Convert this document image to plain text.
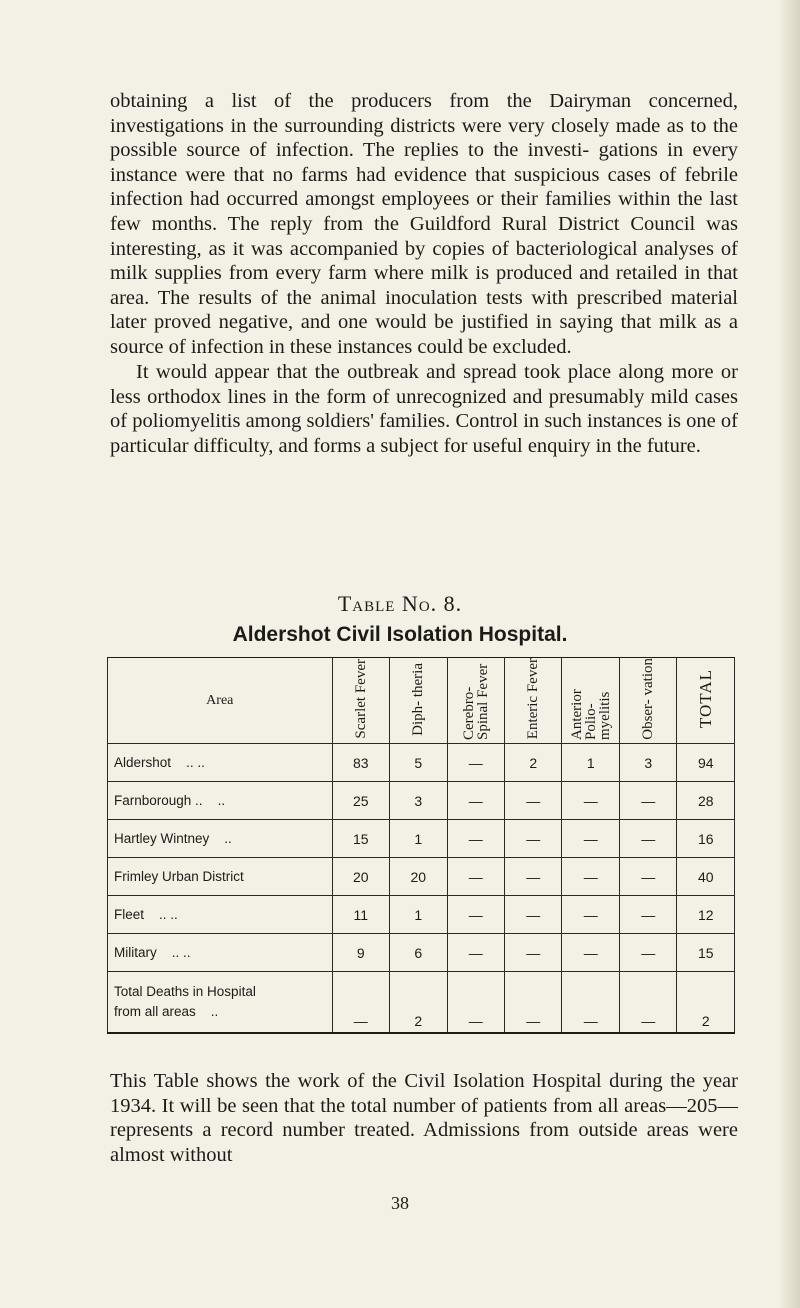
obtaining a list of the producers from the Dairyman concerned, investigations in the surrounding districts were very closely made as to the possible source of infection. The replies to the investi- gations in every instance were that no farms had evidence that suspicious cases of febrile infection had occurred amongst employees or their families within the last few months. The reply from the Guildford Rural District Council was interesting, as it was accompanied by copies of bacteriological analyses of milk supplies from every farm where milk is produced and retailed in that area. The results of the animal inoculation tests with prescribed material later proved negative, and one would be justified in saying that milk as a source of infection in these instances could be excluded.

It would appear that the outbreak and spread took place along more or less orthodox lines in the form of unrecognized and presumably mild cases of poliomyelitis among soldiers' families. Control in such instances is one of particular difficulty, and forms a subject for useful enquiry in the future.

Table No. 8.
Aldershot Civil Isolation Hospital.
Area	Scarlet Fever	Diph- theria	Cerebro- Spinal Fever	Enteric Fever	Anterior Polio- myelitis	Obser- vation	TOTAL
Aldershot .. ..	83	5	—	2	1	3	94
Farnborough .. ..	25	3	—	—	—	—	28
Hartley Wintney ..	15	1	—	—	—	—	16
Frimley Urban District	20	20	—	—	—	—	40
Fleet .. ..	11	1	—	—	—	—	12
Military .. ..	9	6	—	—	—	—	15
Total Deaths in Hospital
from all areas ..	—	2	—	—	—	—	2

This Table shows the work of the Civil Isolation Hospital during the year 1934. It will be seen that the total number of patients from all areas—205—represents a record number treated. Admissions from outside areas were almost without

38
